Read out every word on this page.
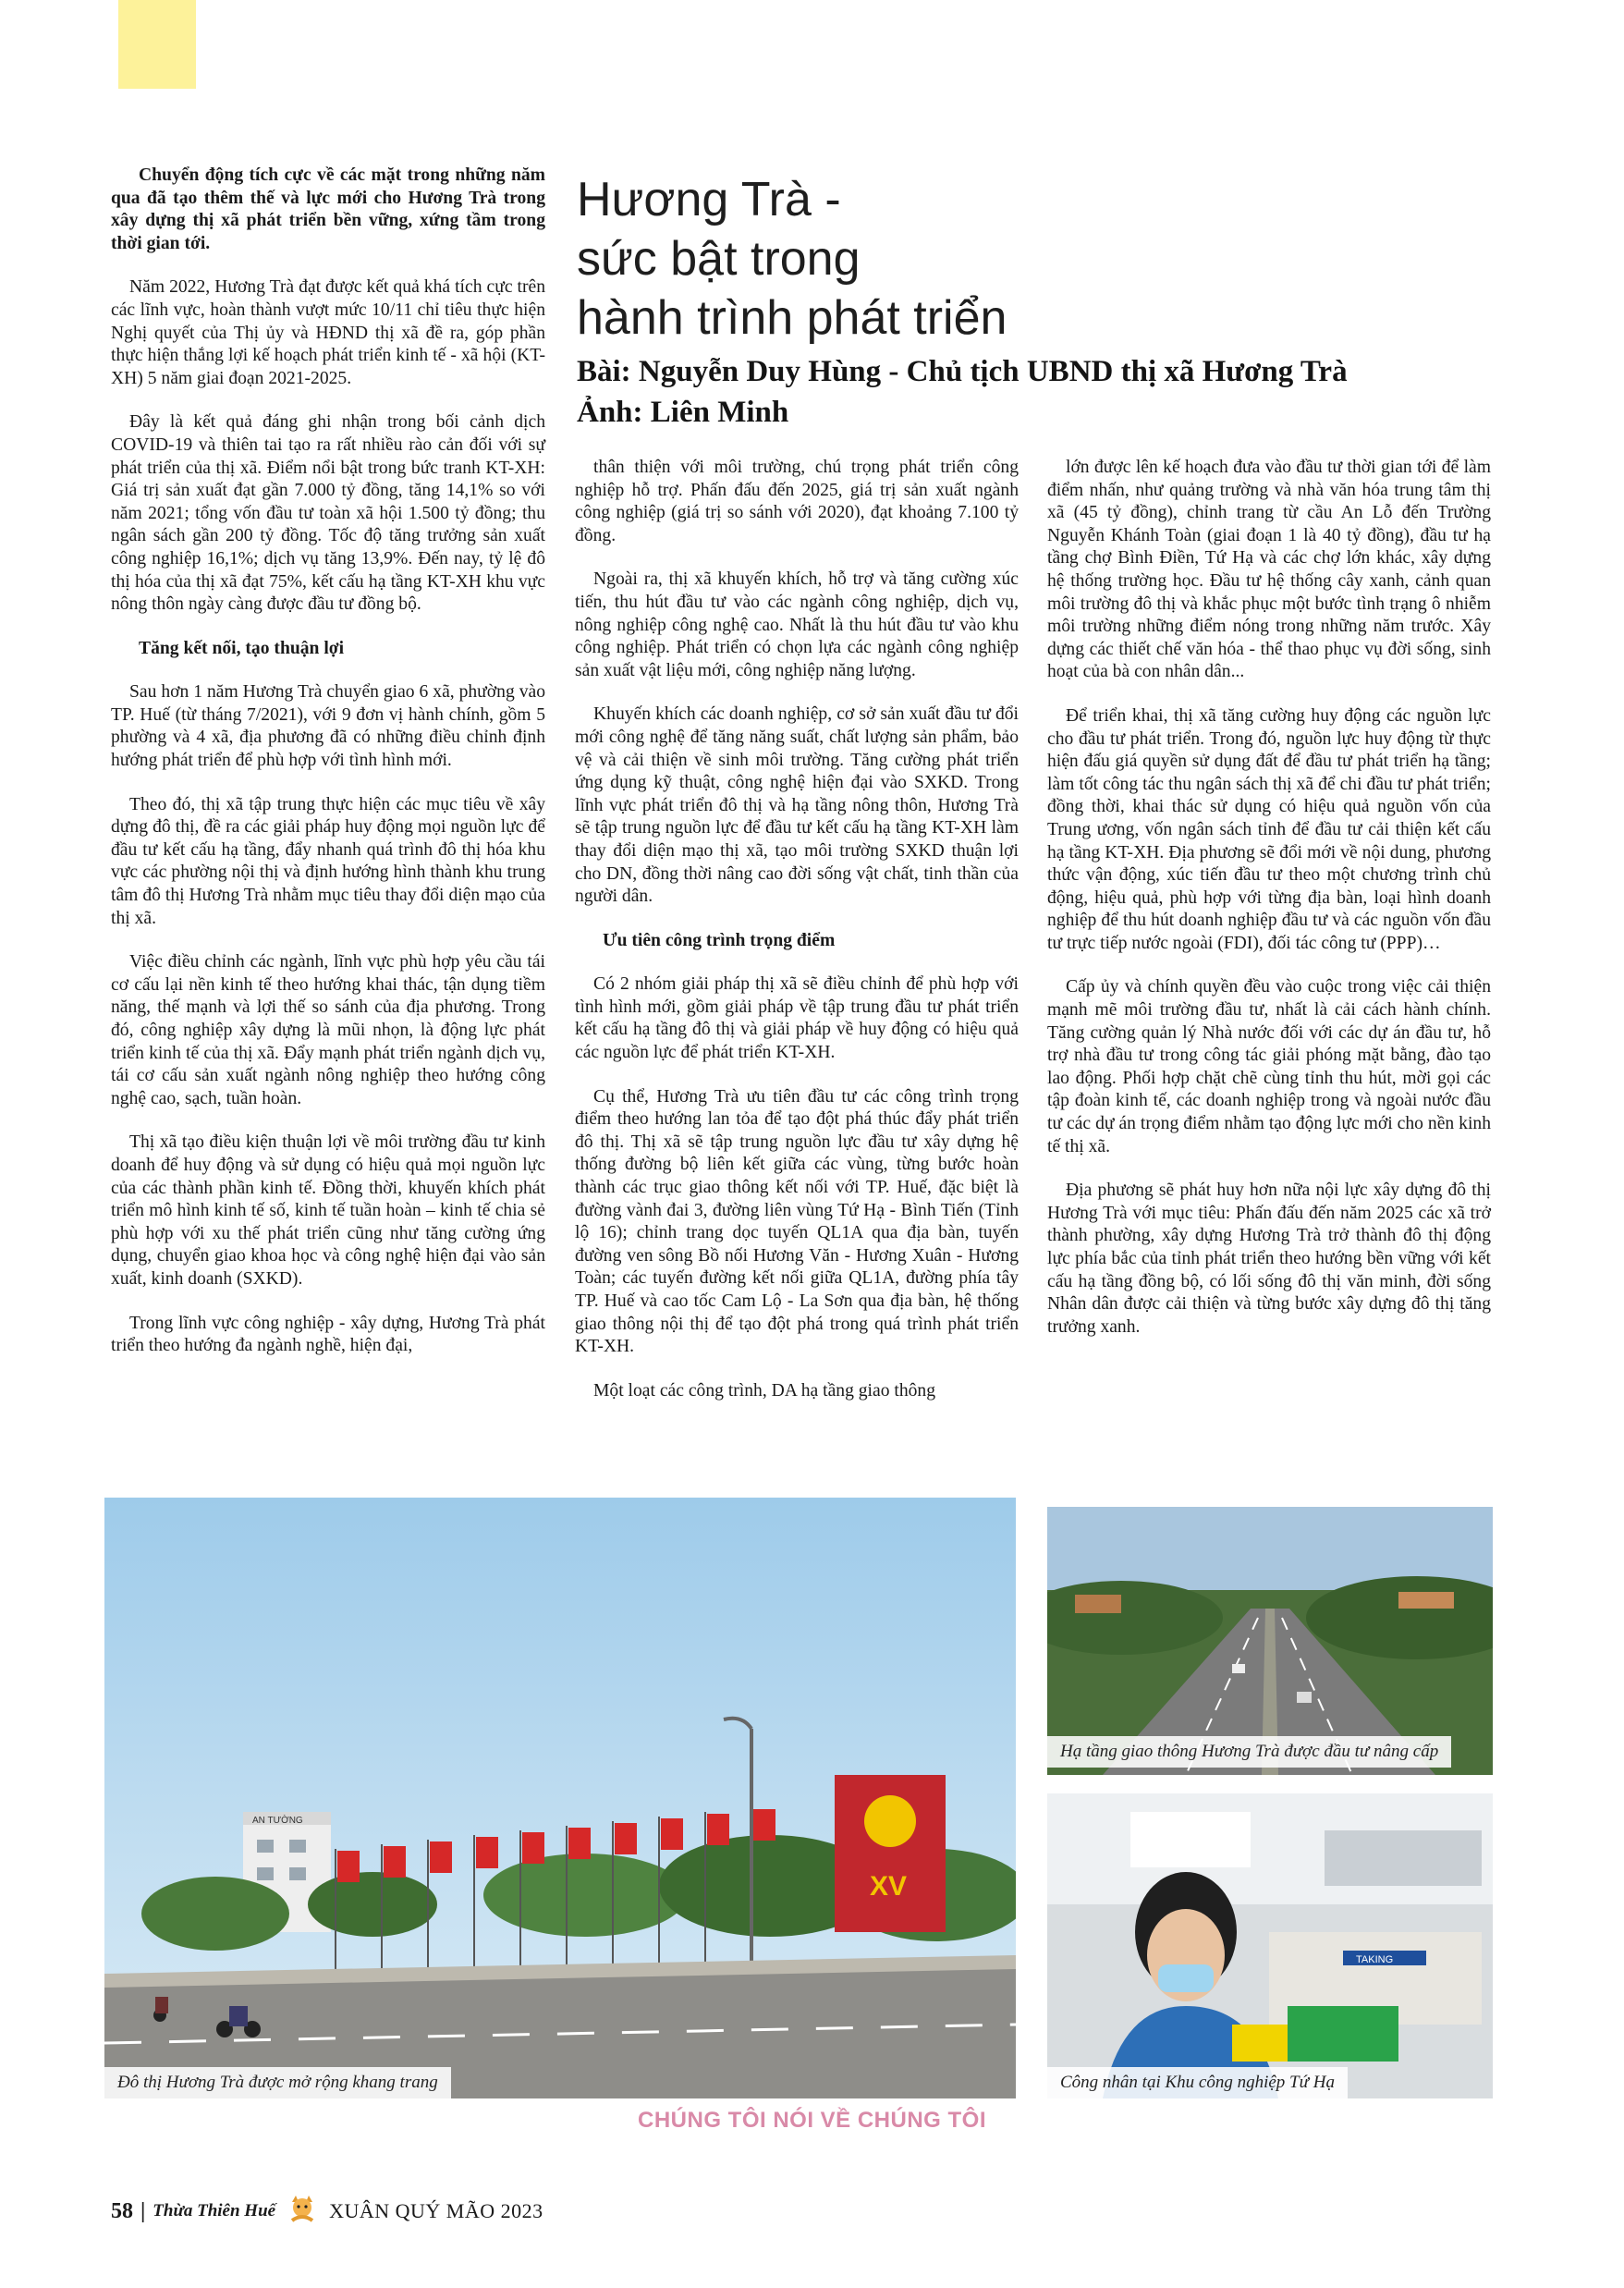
Chuyển động tích cực về các mặt trong những năm qua đã tạo thêm thế và lực mới cho Hương Trà trong xây dựng thị xã phát triển bền vững, xứng tầm trong thời gian tới.

Năm 2022, Hương Trà đạt được kết quả khá tích cực trên các lĩnh vực, hoàn thành vượt mức 10/11 chỉ tiêu thực hiện Nghị quyết của Thị ủy và HĐND thị xã đề ra, góp phần thực hiện thắng lợi kế hoạch phát triển kinh tế - xã hội (KT-XH) 5 năm giai đoạn 2021-2025.

Đây là kết quả đáng ghi nhận trong bối cảnh dịch COVID-19 và thiên tai tạo ra rất nhiều rào cản đối với sự phát triển của thị xã. Điểm nổi bật trong bức tranh KT-XH: Giá trị sản xuất đạt gần 7.000 tỷ đồng, tăng 14,1% so với năm 2021; tổng vốn đầu tư toàn xã hội 1.500 tỷ đồng; thu ngân sách gần 200 tỷ đồng. Tốc độ tăng trưởng sản xuất công nghiệp 16,1%; dịch vụ tăng 13,9%. Đến nay, tỷ lệ đô thị hóa của thị xã đạt 75%, kết cấu hạ tầng KT-XH khu vực nông thôn ngày càng được đầu tư đồng bộ.

Tăng kết nối, tạo thuận lợi

Sau hơn 1 năm Hương Trà chuyển giao 6 xã, phường vào TP. Huế (từ tháng 7/2021), với 9 đơn vị hành chính, gồm 5 phường và 4 xã, địa phương đã có những điều chỉnh định hướng phát triển để phù hợp với tình hình mới.

Theo đó, thị xã tập trung thực hiện các mục tiêu về xây dựng đô thị, đề ra các giải pháp huy động mọi nguồn lực để đầu tư kết cấu hạ tầng, đẩy nhanh quá trình đô thị hóa khu vực các phường nội thị và định hướng hình thành khu trung tâm đô thị Hương Trà nhằm mục tiêu thay đổi diện mạo của thị xã.

Việc điều chỉnh các ngành, lĩnh vực phù hợp yêu cầu tái cơ cấu lại nền kinh tế theo hướng khai thác, tận dụng tiềm năng, thế mạnh và lợi thế so sánh của địa phương. Trong đó, công nghiệp xây dựng là mũi nhọn, là động lực phát triển kinh tế của thị xã. Đẩy mạnh phát triển ngành dịch vụ, tái cơ cấu sản xuất ngành nông nghiệp theo hướng công nghệ cao, sạch, tuần hoàn.

Thị xã tạo điều kiện thuận lợi về môi trường đầu tư kinh doanh để huy động và sử dụng có hiệu quả mọi nguồn lực của các thành phần kinh tế. Đồng thời, khuyến khích phát triển mô hình kinh tế số, kinh tế tuần hoàn – kinh tế chia sẻ phù hợp với xu thế phát triển cũng như tăng cường ứng dụng, chuyển giao khoa học và công nghệ hiện đại vào sản xuất, kinh doanh (SXKD).

Trong lĩnh vực công nghiệp - xây dựng, Hương Trà phát triển theo hướng đa ngành nghề, hiện đại,

Hương Trà -
sức bật trong
hành trình phát triển
Bài: Nguyễn Duy Hùng - Chủ tịch UBND thị xã Hương Trà
Ảnh: Liên Minh

thân thiện với môi trường, chú trọng phát triển công nghiệp hỗ trợ. Phấn đấu đến 2025, giá trị sản xuất ngành công nghiệp (giá trị so sánh với 2020), đạt khoảng 7.100 tỷ đồng.

Ngoài ra, thị xã khuyến khích, hỗ trợ và tăng cường xúc tiến, thu hút đầu tư vào các ngành công nghiệp, dịch vụ, nông nghiệp công nghệ cao. Nhất là thu hút đầu tư vào khu công nghiệp. Phát triển có chọn lựa các ngành công nghiệp sản xuất vật liệu mới, công nghiệp năng lượng.

Khuyến khích các doanh nghiệp, cơ sở sản xuất đầu tư đổi mới công nghệ để tăng năng suất, chất lượng sản phẩm, bảo vệ và cải thiện về sinh môi trường. Tăng cường phát triển ứng dụng kỹ thuật, công nghệ hiện đại vào SXKD. Trong lĩnh vực phát triển đô thị và hạ tầng nông thôn, Hương Trà sẽ tập trung nguồn lực để đầu tư kết cấu hạ tầng KT-XH làm thay đổi diện mạo thị xã, tạo môi trường SXKD thuận lợi cho DN, đồng thời nâng cao đời sống vật chất, tinh thần của người dân.

Ưu tiên công trình trọng điểm

Có 2 nhóm giải pháp thị xã sẽ điều chỉnh để phù hợp với tình hình mới, gồm giải pháp về tập trung đầu tư phát triển kết cấu hạ tầng đô thị và giải pháp về huy động có hiệu quả các nguồn lực để phát triển KT-XH.

Cụ thể, Hương Trà ưu tiên đầu tư các công trình trọng điểm theo hướng lan tỏa để tạo đột phá thúc đẩy phát triển đô thị. Thị xã sẽ tập trung nguồn lực đầu tư xây dựng hệ thống đường bộ liên kết giữa các vùng, từng bước hoàn thành các trục giao thông kết nối với TP. Huế, đặc biệt là đường vành đai 3, đường liên vùng Tứ Hạ - Bình Tiến (Tỉnh lộ 16); chỉnh trang dọc tuyến QL1A qua địa bàn, tuyến đường ven sông Bồ nối Hương Văn - Hương Xuân - Hương Toàn; các tuyến đường kết nối giữa QL1A, đường phía tây TP. Huế và cao tốc Cam Lộ - La Sơn qua địa bàn, hệ thống giao thông nội thị để tạo đột phá trong quá trình phát triển KT-XH.

Một loạt các công trình, DA hạ tầng giao thông

lớn được lên kế hoạch đưa vào đầu tư thời gian tới để làm điểm nhấn, như quảng trường và nhà văn hóa trung tâm thị xã (45 tỷ đồng), chỉnh trang từ cầu An Lỗ đến Trường Nguyễn Khánh Toàn (giai đoạn 1 là 40 tỷ đồng), đầu tư hạ tầng chợ Bình Điền, Tứ Hạ và các chợ lớn khác, xây dựng hệ thống trường học. Đầu tư hệ thống cây xanh, cảnh quan môi trường đô thị và khắc phục một bước tình trạng ô nhiễm môi trường những điểm nóng trong những năm trước. Xây dựng các thiết chế văn hóa - thể thao phục vụ đời sống, sinh hoạt của bà con nhân dân...

Để triển khai, thị xã tăng cường huy động các nguồn lực cho đầu tư phát triển. Trong đó, nguồn lực huy động từ thực hiện đấu giá quyền sử dụng đất để đầu tư phát triển hạ tầng; làm tốt công tác thu ngân sách thị xã để chi đầu tư phát triển; đồng thời, khai thác sử dụng có hiệu quả nguồn vốn của Trung ương, vốn ngân sách tỉnh để đầu tư cải thiện kết cấu hạ tầng KT-XH. Địa phương sẽ đổi mới về nội dung, phương thức vận động, xúc tiến đầu tư theo một chương trình chủ động, hiệu quả, phù hợp với từng địa bàn, loại hình doanh nghiệp để thu hút doanh nghiệp đầu tư và các nguồn vốn đầu tư trực tiếp nước ngoài (FDI), đối tác công tư (PPP)…

Cấp ủy và chính quyền đều vào cuộc trong việc cải thiện mạnh mẽ môi trường đầu tư, nhất là cải cách hành chính. Tăng cường quản lý Nhà nước đối với các dự án đầu tư, hỗ trợ nhà đầu tư trong công tác giải phóng mặt bằng, đào tạo lao động. Phối hợp chặt chẽ cùng tỉnh thu hút, mời gọi các tập đoàn kinh tế, các doanh nghiệp trong và ngoài nước đầu tư các dự án trọng điểm nhằm tạo động lực mới cho nền kinh tế thị xã.

Địa phương sẽ phát huy hơn nữa nội lực xây dựng đô thị Hương Trà với mục tiêu: Phấn đấu đến năm 2025 các xã trở thành phường, xây dựng Hương Trà trở thành đô thị động lực phía bắc của tỉnh phát triển theo hướng bền vững với kết cấu hạ tầng đồng bộ, có lối sống đô thị văn minh, đời sống Nhân dân được cải thiện và từng bước xây dựng đô thị tăng trưởng xanh.

AN TƯỜNG
XV
Đô thị Hương Trà được mở rộng khang trang
Hạ tầng giao thông Hương Trà được đầu tư nâng cấp
TAKING
Công nhân tại Khu công nghiệp Tứ Hạ
CHÚNG TÔI NÓI VỀ CHÚNG TÔI
58 | Thừa Thiên Huế	XUÂN QUÝ MÃO 2023
